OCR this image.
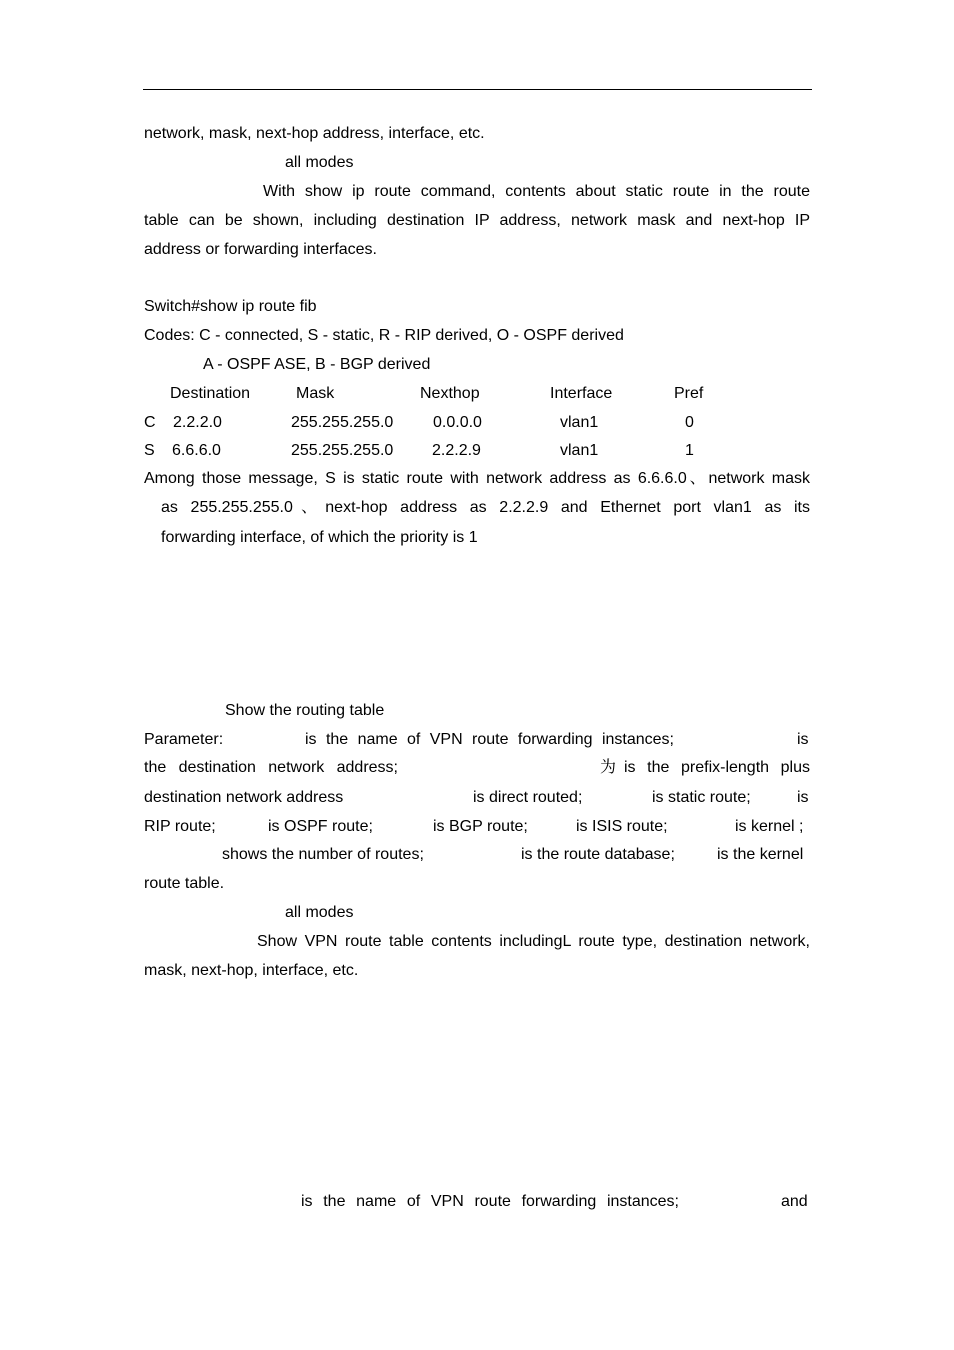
network, mask, next-hop address, interface, etc.
all modes
With show ip route command, contents about static route in the route
table can be shown, including destination IP address, network mask and next-hop IP
address or forwarding interfaces.
Switch#show ip route fib
Codes: C - connected, S - static, R - RIP derived, O - OSPF derived
A - OSPF ASE, B - BGP derived
Destination	Mask	Nexthop	Interface	Pref
C 2.2.2.0	255.255.255.0 0.0.0.0	vlan1	0
S 6.6.6.0	255.255.255.0 2.2.2.9	vlan1	1
Among those message, S is static route with network address as 6.6.6.0、network mask
as 255.255.255.0、next-hop address as 2.2.2.9 and Ethernet port vlan1 as its
forwarding interface, of which the priority is 1
Show the routing table
Parameter:	is the name of VPN route forwarding instances;	is
the destination network address;	为 is the prefix-length plus
destination network address	is direct routed;	is static route;	is
RIP route;	is OSPF route;	is BGP route;	is ISIS route;	is kernel ;
shows the number of routes;	is the route database;	is the kernel
route table.
all modes
Show VPN route table contents includingL route type, destination network,
mask, next-hop, interface, etc.
is the name of VPN route forwarding instances;	and
